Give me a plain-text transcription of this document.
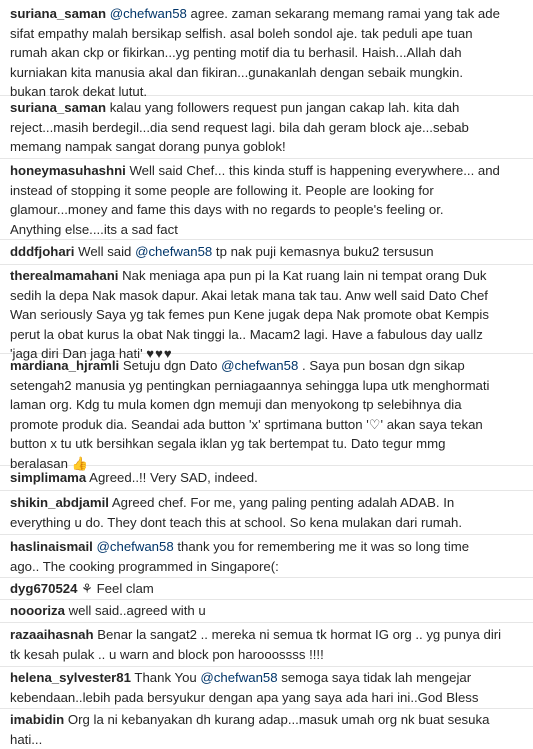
suriana_saman @chefwan58 agree. zaman sekarang memang ramai yang tak ade
sifat empathy malah bersikap selfish. asal boleh sondol aje. tak peduli ape tuan
rumah akan ckp or fikirkan...yg penting motif dia tu berhasil. Haish...Allah dah
kurniakan kita manusia akal dan fikiran...gunakanlah dengan sebaik mungkin.
bukan tarok dekat lutut.
suriana_saman kalau yang followers request pun jangan cakap lah. kita dah
reject...masih berdegil...dia send request lagi. bila dah geram block aje...sebab
memang nampak sangat dorang punya goblok!
honeymasuhashni Well said Chef... this kinda stuff is happening everywhere... and
instead of stopping it some people are following it. People are looking for
glamour...money and fame this days with no regards to people's feeling or.
Anything else....its a sad fact
dddfjohari Well said @chefwan58 tp nak puji kemasnya buku2 tersusun
therealmamahani Nak meniaga apa pun pi la Kat ruang lain ni tempat orang Duk
sedih la depa Nak masok dapur. Akai letak mana tak tau. Anw well said Dato Chef
Wan seriously Saya yg tak femes pun Kene jugak depa Nak promote obat Kempis
perut la obat kurus la obat Nak tinggi la.. Macam2 lagi. Have a fabulous day uallz
'jaga diri Dan jaga hati' ♥♥♥
mardiana_hjramli Setuju dgn Dato @chefwan58 . Saya pun bosan dgn sikap
setengah2 manusia yg pentingkan perniagaannya sehingga lupa utk menghormati
laman org. Kdg tu mula komen dgn memuji dan menyokong tp selebihnya dia
promote produk dia. Seandai ada button 'x' sprtimana button '♡' akan saya tekan
button x tu utk bersihkan segala iklan yg tak bertempat tu. Dato tegur mmg
beralasan 👍
simplimama Agreed..!! Very SAD, indeed.
shikin_abdjamil Agreed chef. For me, yang paling penting adalah ADAB. In
everything u do. They dont teach this at school. So kena mulakan dari rumah.
haslinaismail @chefwan58 thank you for remembering me it was so long time
ago.. The cooking programmed in Singapore(:
dyg670524 ⚘ Feel clam
noooriza well said..agreed with u
razaaihasnah Benar la sangat2 .. mereka ni semua tk hormat IG org .. yg punya diri
tk kesah pulak .. u warn and block pon harooossss !!!!
helena_sylvester81 Thank You @chefwan58 semoga saya tidak lah mengejar
kebendaan..lebih pada bersyukur dengan apa yang saya ada hari ini..God Bless
imabidin Org la ni kebanyakan dh kurang adap...masuk umah org nk buat sesuka
hati...
